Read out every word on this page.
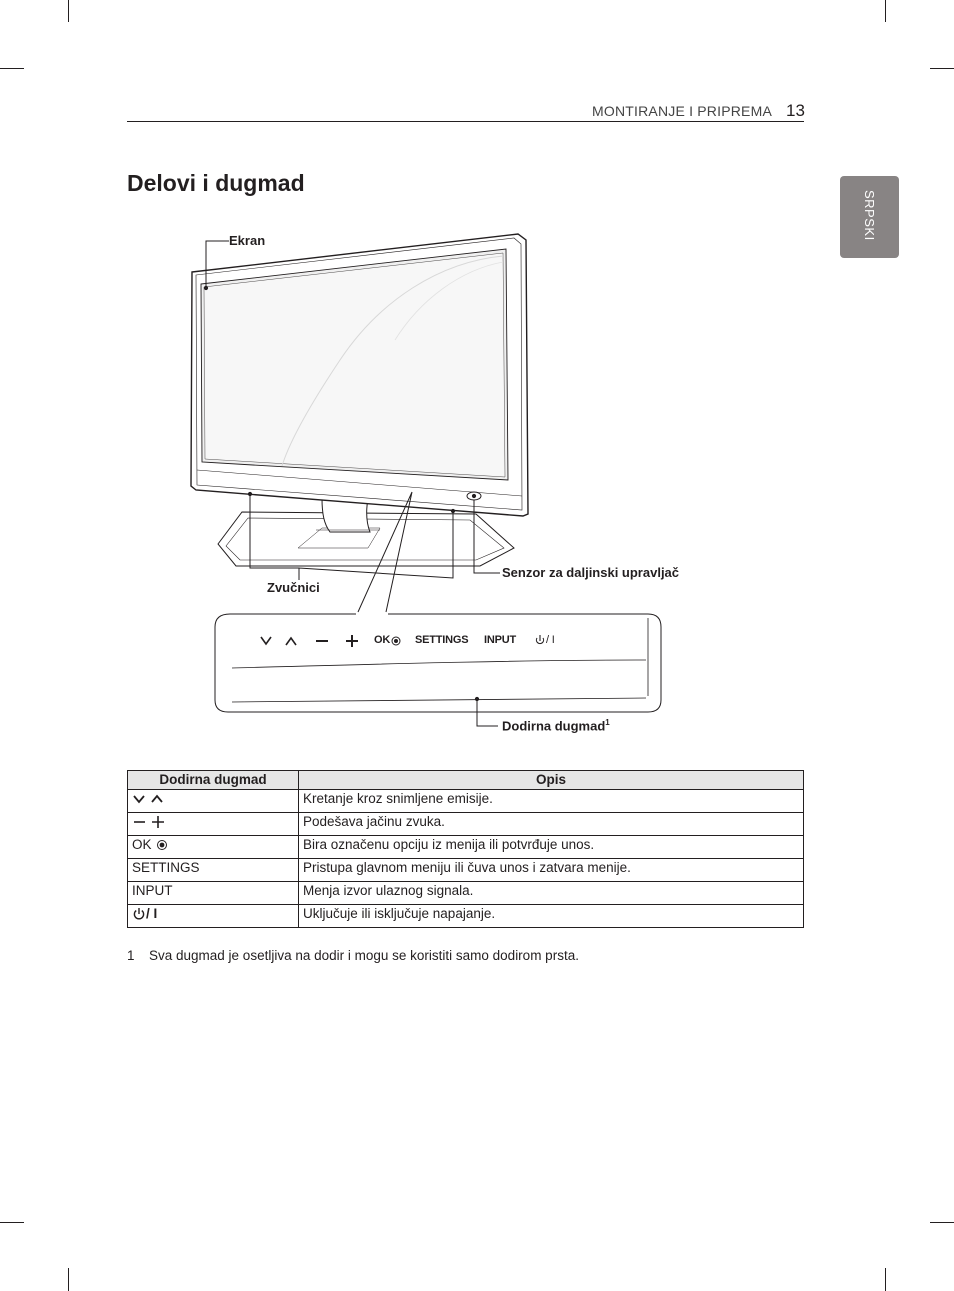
MONTIRANJE I PRIPREMA 13
SRPSKI
Delovi i dugmad
Ekran
Zvučnici
Senzor za daljinski upravljač
Dodirna dugmad$^1$
OK SETTINGS INPUT	/ I
Dodirna dugmad	Opis
	Kretanje kroz snimljene emisije.
	Podešava jačinu zvuka.
OK	Bira označenu opciju iz menija ili potvrđuje unos.
SETTINGS	Pristupa glavnom meniju ili čuva unos i zatvara menije.
INPUT	Menja izvor ulaznog signala.
/ I	Uključuje ili isključuje napajanje.
1 Sva dugmad je osetljiva na dodir i mogu se koristiti samo dodirom prsta.
